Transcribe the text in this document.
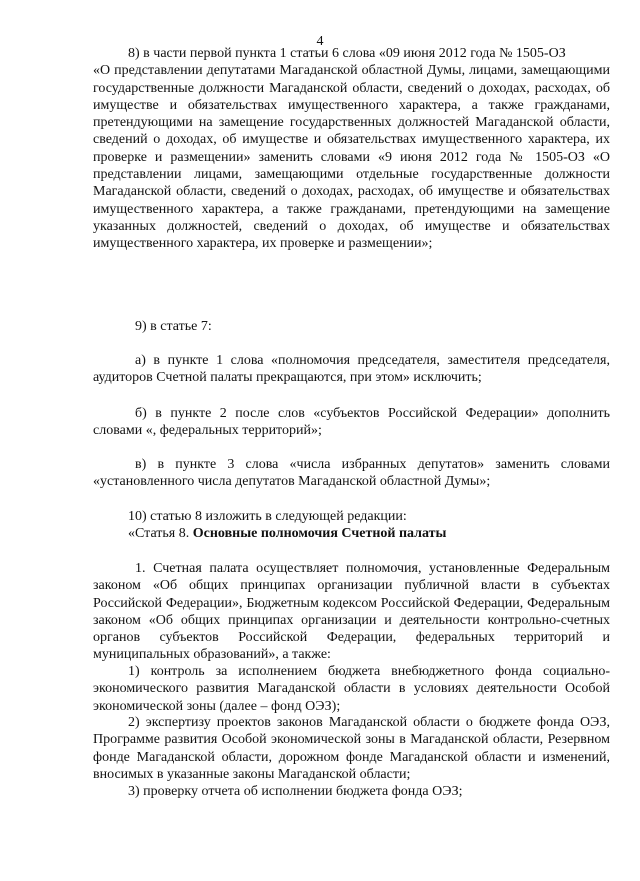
4

8) в части первой пункта 1 статьи 6 слова «09 июня 2012 года № 1505-ОЗ

«О представлении депутатами Магаданской областной Думы, лицами, замещающими государственные должности Магаданской области, сведений о доходах, расходах, об имуществе и обязательствах имущественного характера, а также гражданами, претендующими на замещение государственных должностей Магаданской области, сведений о доходах, об имуществе и обязательствах имущественного характера, их проверке и размещении» заменить словами «9 июня 2012 года № 1505-ОЗ «О представлении лицами, замещающими отдельные государственные должности Магаданской области, сведений о доходах, расходах, об имуществе и обязательствах имущественного характера, а также гражданами, претендующими на замещение указанных должностей, сведений о доходах, об имуществе и обязательствах имущественного характера, их проверке и размещении»;

9) в статье 7:

а) в пункте 1 слова «полномочия председателя, заместителя председателя, аудиторов Счетной палаты прекращаются, при этом» исключить;

б) в пункте 2 после слов «субъектов Российской Федерации» дополнить словами «, федеральных территорий»;

в) в пункте 3 слова «числа избранных депутатов» заменить словами «установленного числа депутатов Магаданской областной Думы»;

10) статью 8 изложить в следующей редакции:

«Статья 8. Основные полномочия Счетной палаты

1. Счетная палата осуществляет полномочия, установленные Федеральным законом «Об общих принципах организации публичной власти в субъектах Российской Федерации», Бюджетным кодексом Российской Федерации, Федеральным законом «Об общих принципах организации и деятельности контрольно-счетных органов субъектов Российской Федерации, федеральных территорий и муниципальных образований», а также:

1) контроль за исполнением бюджета внебюджетного фонда социально-экономического развития Магаданской области в условиях деятельности Особой экономической зоны (далее – фонд ОЭЗ);

2) экспертизу проектов законов Магаданской области о бюджете фонда ОЭЗ, Программе развития Особой экономической зоны в Магаданской области, Резервном фонде Магаданской области, дорожном фонде Магаданской области и изменений, вносимых в указанные законы Магаданской области;

3) проверку отчета об исполнении бюджета фонда ОЭЗ;
